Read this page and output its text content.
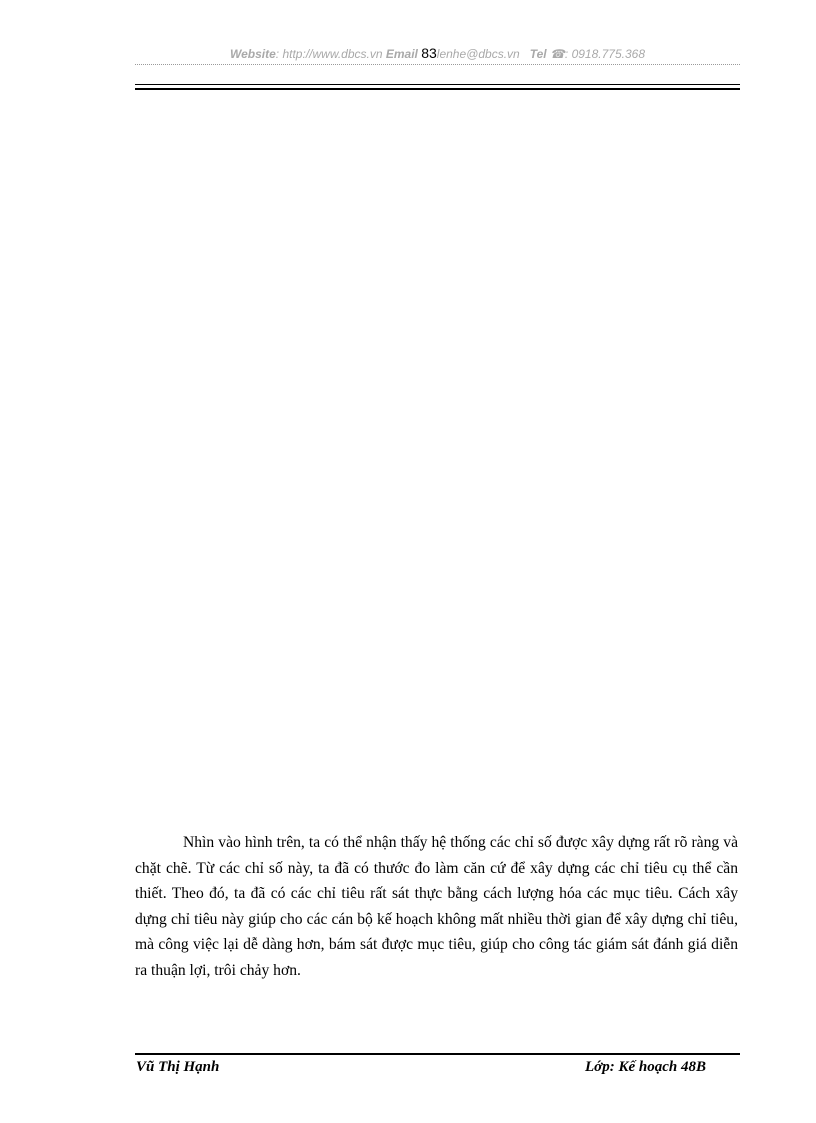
Website: http://www.dbcs.vn Email 83lenhe@dbcs.vn Tel ☎: 0918.775.368

Nhìn vào hình trên, ta có thể nhận thấy hệ thống các chỉ số được xây dựng rất rõ ràng và chặt chẽ. Từ các chỉ số này, ta đã có thước đo làm căn cứ để xây dựng các chỉ tiêu cụ thể cần thiết. Theo đó, ta đã có các chỉ tiêu rất sát thực bằng cách lượng hóa các mục tiêu. Cách xây dựng chỉ tiêu này giúp cho các cán bộ kế hoạch không mất nhiều thời gian để xây dựng chỉ tiêu, mà công việc lại dễ dàng hơn, bám sát được mục tiêu, giúp cho công tác giám sát đánh giá diễn ra thuận lợi, trôi chảy hơn.

Vũ Thị Hạnh	Lớp: Kế hoạch 48B
